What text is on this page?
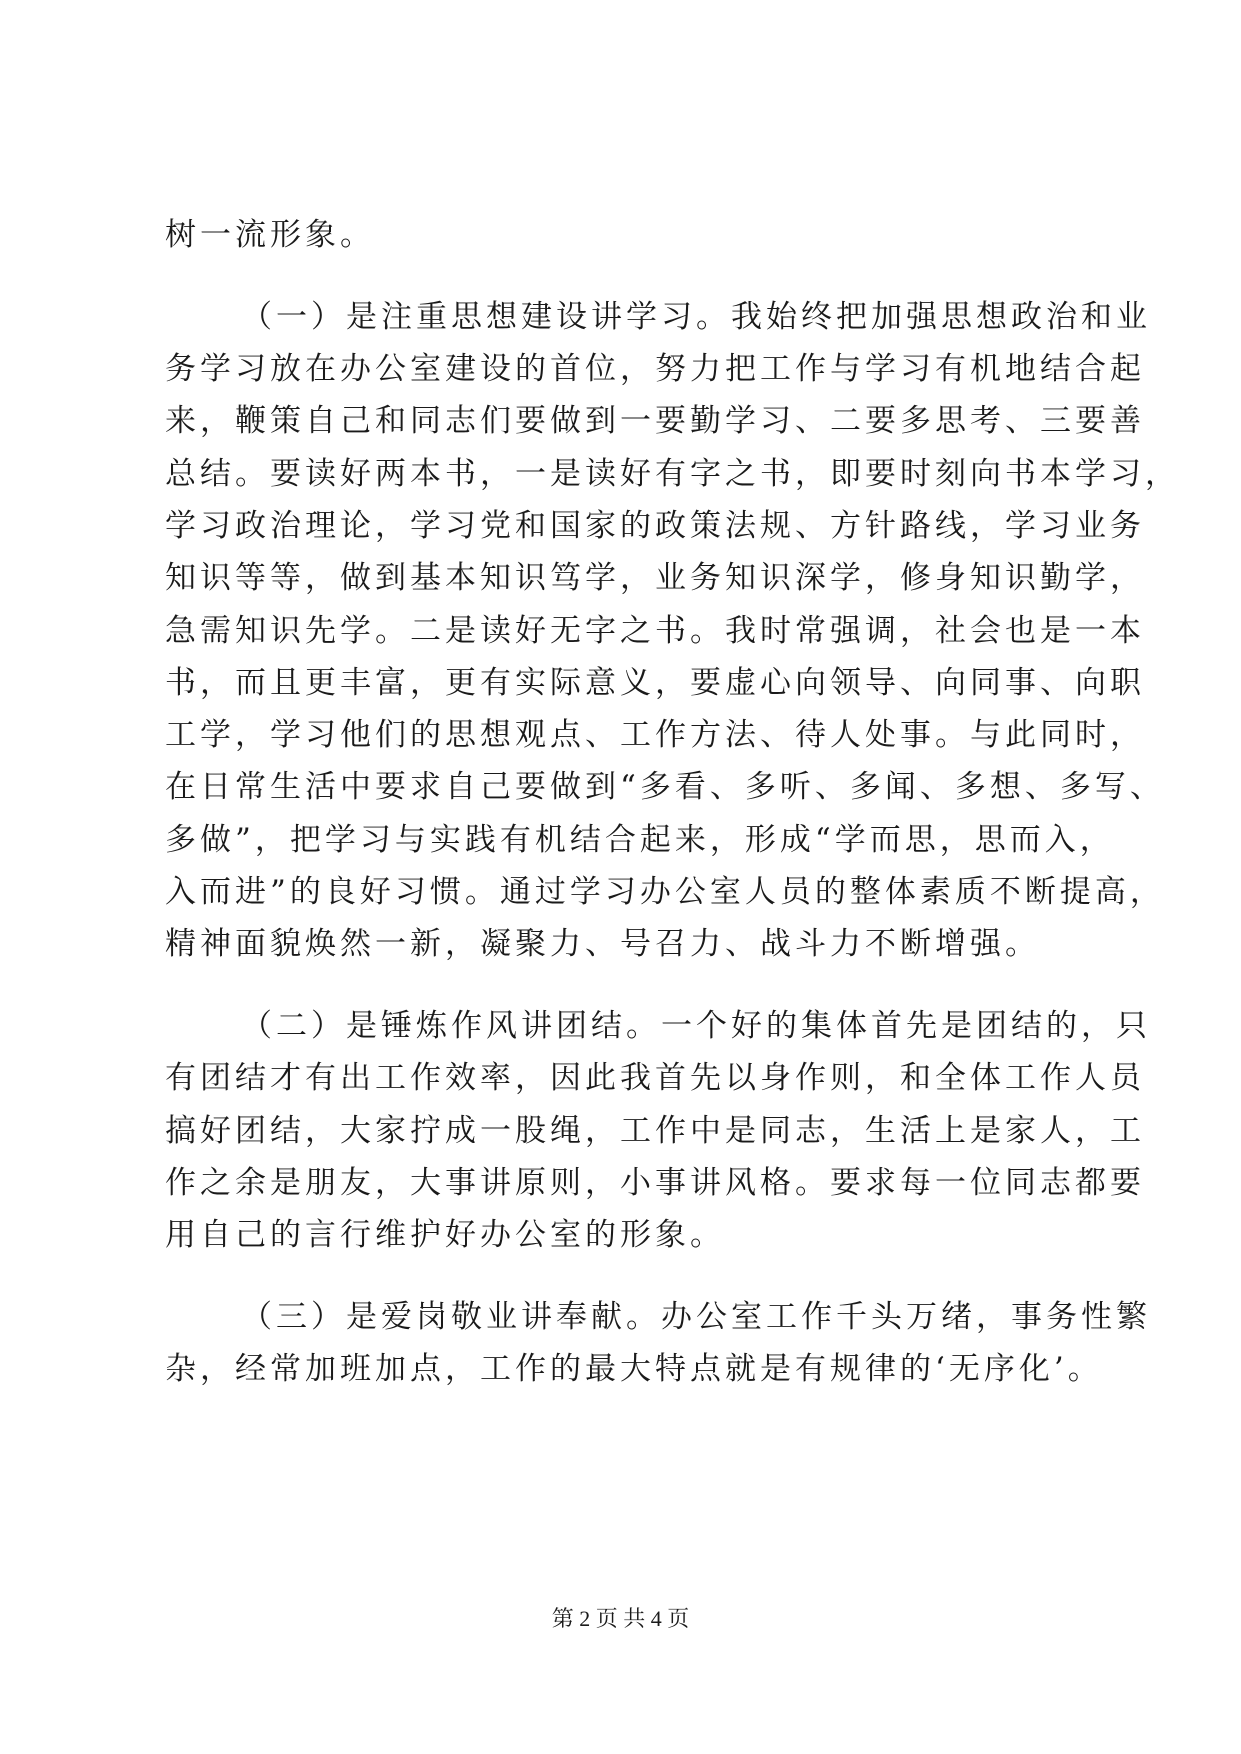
树一流形象。
（一）是注重思想建设讲学习。我始终把加强思想政治和业
务学习放在办公室建设的首位，努力把工作与学习有机地结合起
来，鞭策自己和同志们要做到一要勤学习、二要多思考、三要善
总结。要读好两本书，一是读好有字之书，即要时刻向书本学习，
学习政治理论，学习党和国家的政策法规、方针路线，学习业务
知识等等，做到基本知识笃学，业务知识深学，修身知识勤学，
急需知识先学。二是读好无字之书。我时常强调，社会也是一本
书，而且更丰富，更有实际意义，要虚心向领导、向同事、向职
工学，学习他们的思想观点、工作方法、待人处事。与此同时，
在日常生活中要求自己要做到“多看、多听、多闻、多想、多写、
多做”，把学习与实践有机结合起来，形成“学而思，思而入，
入而进”的良好习惯。通过学习办公室人员的整体素质不断提高，
精神面貌焕然一新，凝聚力、号召力、战斗力不断增强。
（二）是锤炼作风讲团结。一个好的集体首先是团结的，只
有团结才有出工作效率，因此我首先以身作则，和全体工作人员
搞好团结，大家拧成一股绳，工作中是同志，生活上是家人，工
作之余是朋友，大事讲原则，小事讲风格。要求每一位同志都要
用自己的言行维护好办公室的形象。
（三）是爱岗敬业讲奉献。办公室工作千头万绪，事务性繁
杂，经常加班加点，工作的最大特点就是有规律的‘无序化’。
第 2 页 共 4 页
